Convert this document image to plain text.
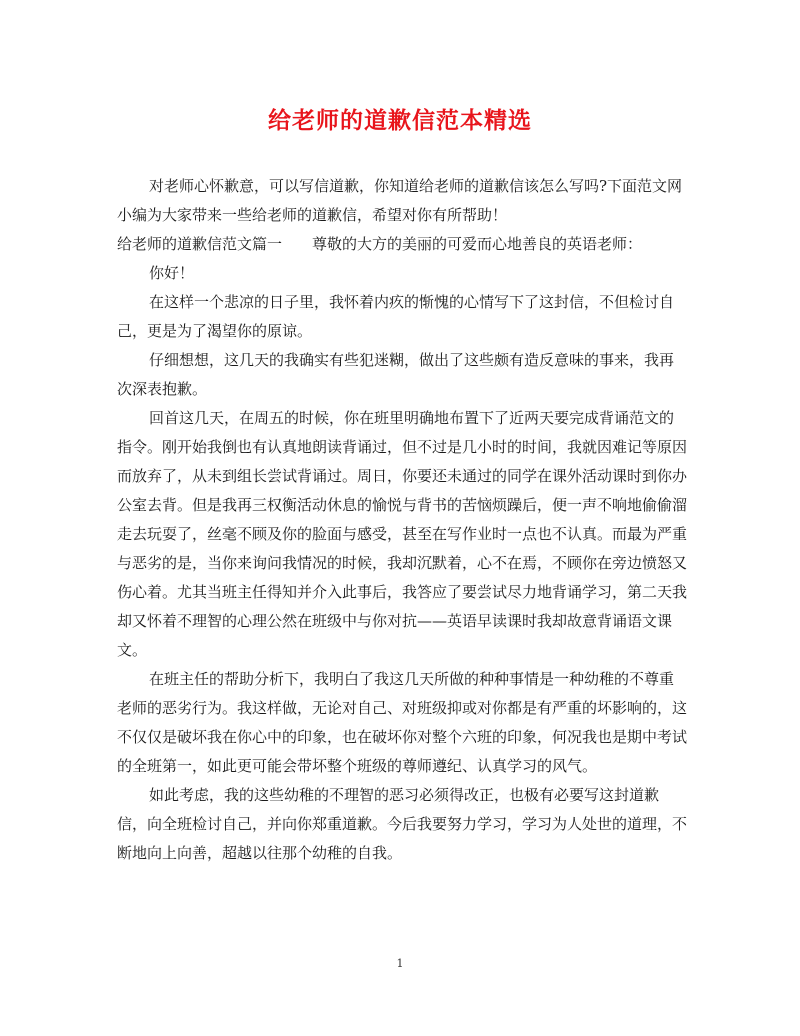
给老师的道歉信范本精选

对老师心怀歉意，可以写信道歉，你知道给老师的道歉信该怎么写吗?下面范文网小编为大家带来一些给老师的道歉信，希望对你有所帮助！

给老师的道歉信范文篇一 尊敬的大方的美丽的可爱而心地善良的英语老师：

你好！

在这样一个悲凉的日子里，我怀着内疚的惭愧的心情写下了这封信，不但检讨自己，更是为了渴望你的原谅。

仔细想想，这几天的我确实有些犯迷糊，做出了这些颇有造反意味的事来，我再次深表抱歉。

回首这几天，在周五的时候，你在班里明确地布置下了近两天要完成背诵范文的指令。刚开始我倒也有认真地朗读背诵过，但不过是几小时的时间，我就因难记等原因而放弃了，从未到组长尝试背诵过。周日，你要还未通过的同学在课外活动课时到你办公室去背。但是我再三权衡活动休息的愉悦与背书的苦恼烦躁后，便一声不响地偷偷溜走去玩耍了，丝毫不顾及你的脸面与感受，甚至在写作业时一点也不认真。而最为严重与恶劣的是，当你来询问我情况的时候，我却沉默着，心不在焉，不顾你在旁边愤怒又伤心着。尤其当班主任得知并介入此事后，我答应了要尝试尽力地背诵学习，第二天我却又怀着不理智的心理公然在班级中与你对抗——英语早读课时我却故意背诵语文课文。

在班主任的帮助分析下，我明白了我这几天所做的种种事情是一种幼稚的不尊重老师的恶劣行为。我这样做，无论对自己、对班级抑或对你都是有严重的坏影响的，这不仅仅是破坏我在你心中的印象，也在破坏你对整个六班的印象，何况我也是期中考试的全班第一，如此更可能会带坏整个班级的尊师遵纪、认真学习的风气。

如此考虑，我的这些幼稚的不理智的恶习必须得改正，也极有必要写这封道歉信，向全班检讨自己，并向你郑重道歉。今后我要努力学习，学习为人处世的道理，不断地向上向善，超越以往那个幼稚的自我。

1
